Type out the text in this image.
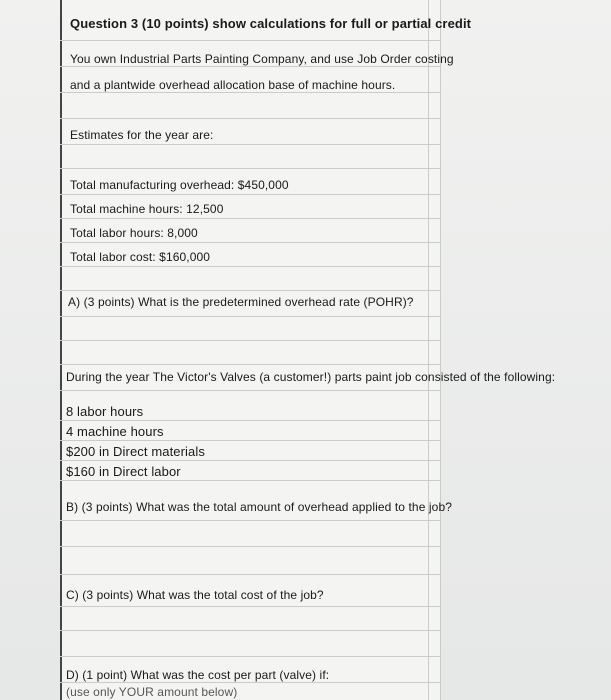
Question 3 (10 points) show calculations for full or partial credit
You own Industrial Parts Painting Company, and use Job Order costing
and a plantwide overhead allocation base of machine hours.
Estimates for the year are:
Total manufacturing overhead: $450,000
Total machine hours: 12,500
Total labor hours: 8,000
Total labor cost: $160,000
A) (3 points) What is the predetermined overhead rate (POHR)?
During the year The Victor's Valves (a customer!) parts paint job consisted of the following:
8 labor hours
4 machine hours
$200 in Direct materials
$160 in Direct labor
B) (3 points) What was the total amount of overhead applied to the job?
C) (3 points) What was the total cost of the job?
D) (1 point) What was the cost per part (valve) if:
(use only YOUR amount below)
